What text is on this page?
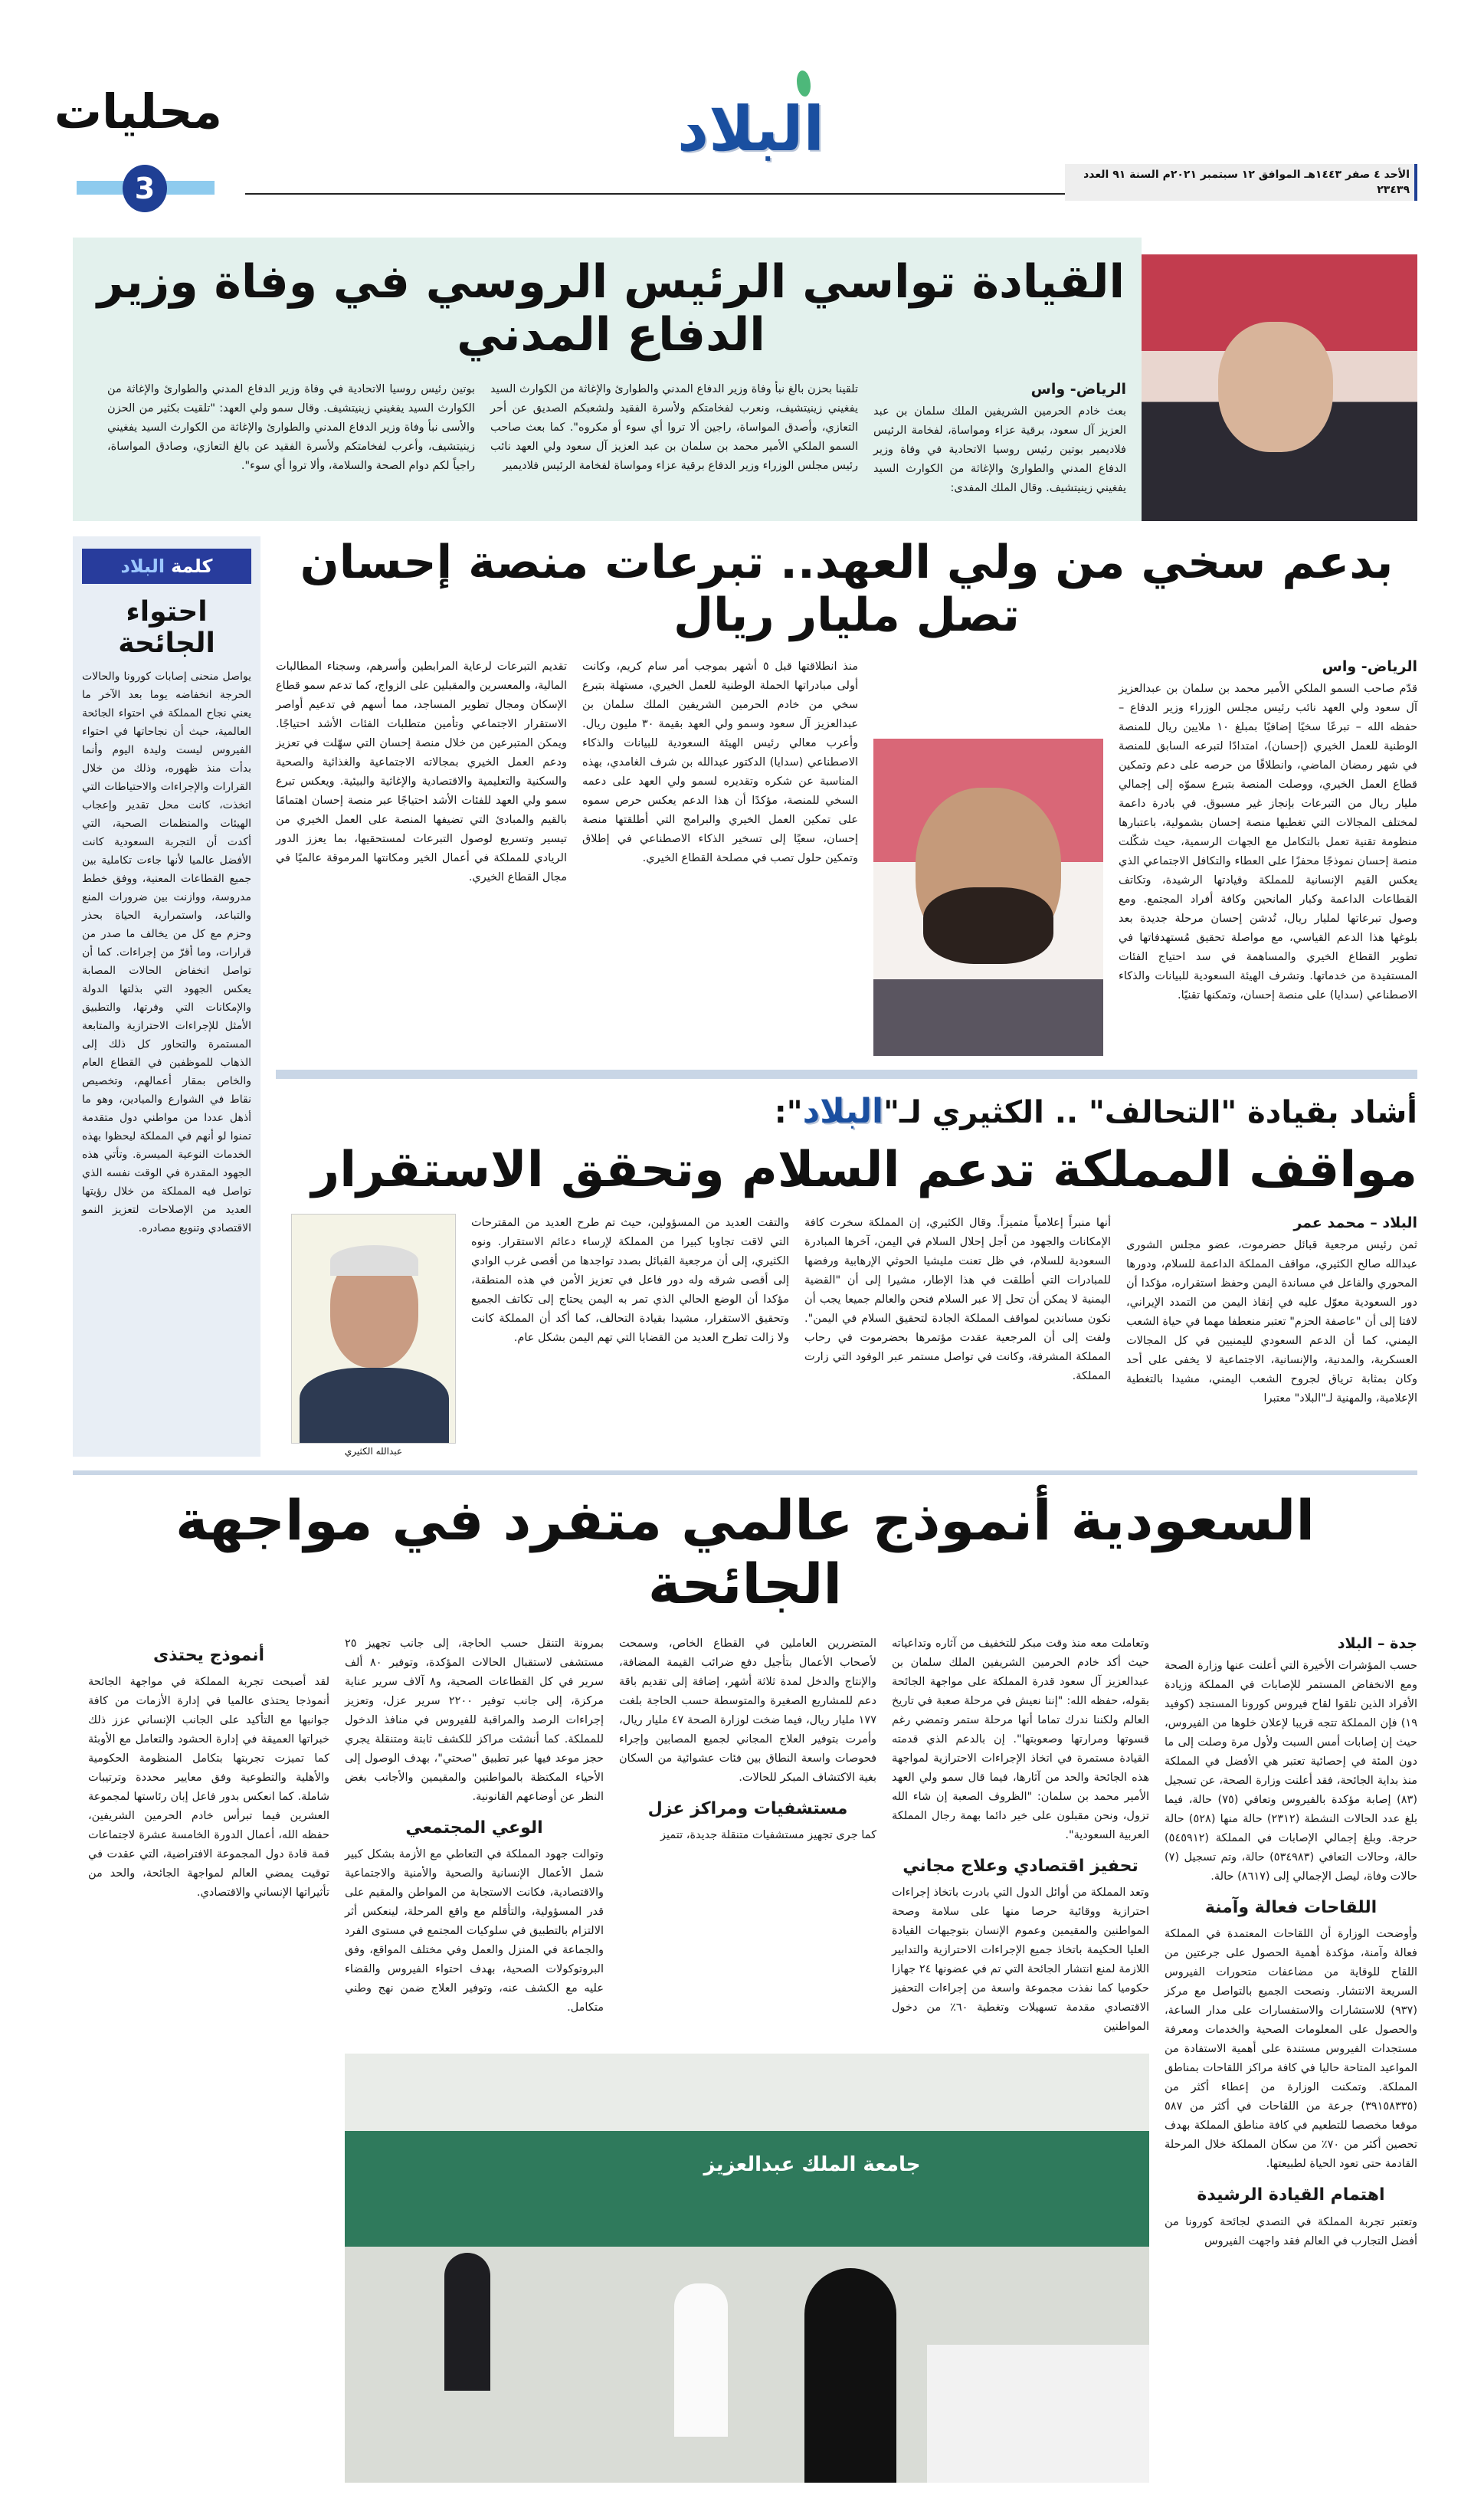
محليات
3
البلاد
الأحد ٤ صفر ١٤٤٣هـ الموافق ١٢ سبتمبر ٢٠٢١م السنة ٩١ العدد ٢٣٤٣٩
القيادة تواسي الرئيس الروسي في وفاة وزير الدفاع المدني
الرياض- واس

بعث خادم الحرمين الشريفين الملك سلمان بن عبد العزيز آل سعود، برقية عزاء ومواساة، لفخامة الرئيس فلاديمير بوتين رئيس روسيا الاتحادية في وفاة وزير الدفاع المدني والطوارئ والإغاثة من الكوارث السيد يفغيني زينيتشيف. وقال الملك المفدى:

تلقينا بحزن بالغ نبأ وفاة وزير الدفاع المدني والطوارئ والإغاثة من الكوارث السيد يفغيني زينيتشيف، ونعرب لفخامتكم ولأسرة الفقيد ولشعبكم الصديق عن أحر التعازي، وأصدق المواساة، راجين ألا تروا أي سوء أو مكروه". كما بعث صاحب السمو الملكي الأمير محمد بن سلمان بن عبد العزيز آل سعود ولي العهد نائب رئيس مجلس الوزراء وزير الدفاع برقية عزاء ومواساة لفخامة الرئيس فلاديمير

بوتين رئيس روسيا الاتحادية في وفاة وزير الدفاع المدني والطوارئ والإغاثة من الكوارث السيد يفغيني زينيتشيف. وقال سمو ولي العهد: "تلقيت بكثير من الحزن والأسى نبأ وفاة وزير الدفاع المدني والطوارئ والإغاثة من الكوارث السيد يفغيني زينيتشيف، وأعرب لفخامتكم ولأسرة الفقيد عن بالغ التعازي، وصادق المواساة، راجياً لكم دوام الصحة والسلامة، وألا تروا أي سوء".

بدعم سخي من ولي العهد.. تبرعات منصة إحسان تصل مليار ريال
الرياض- واس

قدّم صاحب السمو الملكي الأمير محمد بن سلمان بن عبدالعزيز آل سعود ولي العهد نائب رئيس مجلس الوزراء وزير الدفاع – حفظه الله – تبرعًا سخيًا إضافيًا بمبلغ ١٠ ملايين ريال للمنصة الوطنية للعمل الخيري (إحسان)، امتدادًا لتبرعه السابق للمنصة في شهر رمضان الماضي، وانطلاقًا من حرصه على دعم وتمكين قطاع العمل الخيري، ووصلت المنصة بتبرع سموّه إلى إجمالي مليار ريال من التبرعات بإنجاز غير مسبوق. في بادرة داعمة لمختلف المجالات التي تغطيها منصة إحسان بشمولية، باعتبارها منظومة تقنية تعمل بالتكامل مع الجهات الرسمية، حيث شكّلت منصة إحسان نموذجًا محفزًا على العطاء والتكافل الاجتماعي الذي يعكس القيم الإنسانية للمملكة وقيادتها الرشيدة، وتكاتف القطاعات الداعمة وكبار المانحين وكافة أفراد المجتمع. ومع وصول تبرعاتها لمليار ريال، تُدشن إحسان مرحلة جديدة بعد بلوغها هذا الدعم القياسي، مع مواصلة تحقيق مُستهدفاتها في تطوير القطاع الخيري والمساهمة في سد احتياج الفئات المستفيدة من خدماتها. وتشرف الهيئة السعودية للبيانات والذكاء الاصطناعي (سدايا) على منصة إحسان، وتمكنها تقنيًا.

منذ انطلاقتها قبل ٥ أشهر بموجب أمر سام كريم، وكانت أولى مبادراتها الحملة الوطنية للعمل الخيري، مستهلة بتبرع سخي من خادم الحرمين الشريفين الملك سلمان بن عبدالعزيز آل سعود وسمو ولي العهد بقيمة ٣٠ مليون ريال. وأعرب معالي رئيس الهيئة السعودية للبيانات والذكاء الاصطناعي (سدايا) الدكتور عبدالله بن شرف الغامدي، بهذه المناسبة عن شكره وتقديره لسمو ولي العهد على دعمه السخي للمنصة، مؤكدًا أن هذا الدعم يعكس حرص سموه على تمكين العمل الخيري والبرامج التي أطلقتها منصة إحسان، سعيًا إلى تسخير الذكاء الاصطناعي في إطلاق وتمكين حلول تصب في مصلحة القطاع الخيري.

تقديم التبرعات لرعاية المرابطين وأسرهم، وسجناء المطالبات المالية، والمعسرين والمقبلين على الزواج، كما تدعم سمو قطاع الإسكان ومجال تطوير المساجد، مما أسهم في تدعيم أواصر الاستقرار الاجتماعي وتأمين متطلبات الفئات الأشد احتياجًا. ويمكن المتبرعين من خلال منصة إحسان التي سهّلت في تعزيز ودعم العمل الخيري بمجالاته الاجتماعية والغذائية والصحية والسكنية والتعليمية والاقتصادية والإغاثية والبيئية. ويعكس تبرع سمو ولي العهد للفئات الأشد احتياجًا عبر منصة إحسان اهتمامًا بالقيم والمبادئ التي تضيفها المنصة على العمل الخيري من تيسير وتسريع لوصول التبرعات لمستحقيها، بما يعزز الدور الريادي للمملكة في أعمال الخير ومكانتها المرموقة عالميًا في مجال القطاع الخيري.

أشاد بقيادة "التحالف" .. الكثيري لـ"البلاد":
مواقف المملكة تدعم السلام وتحقق الاستقرار
البلاد – محمد عمر

ثمن رئيس مرجعية قبائل حضرموت، عضو مجلس الشورى عبدالله صالح الكثيري، مواقف المملكة الداعمة للسلام، ودورها المحوري والفاعل في مساندة اليمن وحفظ استقراره، مؤكدا أن دور السعودية معوّل عليه في إنقاذ اليمن من التمدد الإيراني، لافتا إلى أن "عاصفة الحزم" تعتبر منعطفا مهما في حياة الشعب اليمني، كما أن الدعم السعودي لليمنيين في كل المجالات العسكرية، والمدنية، والإنسانية، الاجتماعية لا يخفى على أحد وكان بمثابة ترياق لجروح الشعب اليمني، مشيدا بالتغطية الإعلامية، والمهنية لـ"البلاد" معتبرا

أنها منبراً إعلامياً متميزاً. وقال الكثيري، إن المملكة سخرت كافة الإمكانات والجهود من أجل إحلال السلام في اليمن، آخرها المبادرة السعودية للسلام، في ظل تعنت مليشيا الحوثي الإرهابية ورفضها للمبادرات التي أطلقت في هذا الإطار، مشيرا إلى أن "القضية اليمنية لا يمكن أن تحل إلا عبر السلام فنحن والعالم جميعا يجب أن نكون مساندين لمواقف المملكة الجادة لتحقيق السلام في اليمن". ولفت إلى أن المرجعية عقدت مؤتمرها بحضرموت في رحاب المملكة المشرفة، وكانت في تواصل مستمر عبر الوفود التي زارت المملكة.

والتقت العديد من المسؤولين، حيث تم طرح العديد من المقترحات التي لاقت تجاوبا كبيرا من المملكة لإرساء دعائم الاستقرار. ونوه الكثيري، إلى أن مرجعية القبائل بصدد تواجدها من أقصى غرب الوادي إلى أقصى شرقه وله دور فاعل في تعزيز الأمن في هذه المنطقة، مؤكدا أن الوضع الحالي الذي تمر به اليمن يحتاج إلى تكاتف الجميع وتحقيق الاستقرار، مشيدا بقيادة التحالف، كما أكد أن المملكة كانت ولا زالت تطرح العديد من القضايا التي تهم اليمن بشكل عام.

عبدالله الكثيري
كلمة
البلاد
احتواء الجائحة
يواصل منحنى إصابات كورونا والحالات الحرجة انخفاضه يوما بعد الآخر ما يعني نجاح المملكة في احتواء الجائحة العالمية، حيث أن نجاحاتها في احتواء الفيروس ليست وليدة اليوم وأنما بدأت منذ ظهوره، وذلك من خلال القرارات والإجراءات والاحتياطات التي اتخذت، كانت محل تقدير وإعجاب الهيئات والمنظمات الصحية، التي أكدت أن التجربة السعودية كانت الأفضل عالميا لأنها جاءت تكاملية بين جميع القطاعات المعنية، ووفق خطط مدروسة، ووازنت بين ضرورات المنع والتباعد، واستمرارية الحياة بحذر وحزم مع كل من يخالف ما صدر من قرارات، وما أقرّ من إجراءات. كما أن تواصل انخفاض الحالات المصابة يعكس الجهود التي بذلتها الدولة والإمكانات التي وفرتها، والتطبيق الأمثل للإجراءات الاحترازية والمتابعة المستمرة والتحاور كل ذلك إلى الذهاب للموظفين في القطاع العام والخاص بمقار أعمالهم، وتخصيص نقاط في الشوارع والميادين، وهو ما أذهل عددا من مواطني دول متقدمة تمنوا لو أنهم في المملكة ليحظوا بهذه الخدمات النوعية الميسرة. وتأتي هذه الجهود المقدرة في الوقت نفسه الذي تواصل فيه المملكة من خلال رؤيتها العديد من الإصلاحات لتعزيز النمو الاقتصادي وتنويع مصادره.
السعودية أنموذج عالمي متفرد في مواجهة الجائحة
جدة – البلاد

حسب المؤشرات الأخيرة التي أعلنت عنها وزارة الصحة ومع الانخفاض المستمر للإصابات في المملكة وزيادة الأفراد الذين تلقوا لقاح فيروس كورونا المستجد (كوفيد ١٩) فإن المملكة تتجه قريبا لإعلان خلوها من الفيروس، حيث إن إصابات أمس السبت ولأول مرة وصلت إلى ما دون المئة في إحصائية تعتبر هي الأفضل في المملكة منذ بداية الجائحة، فقد أعلنت وزارة الصحة، عن تسجيل (٨٣) إصابة مؤكدة بالفيروس وتعافي (٧٥) حالة، فيما بلغ عدد الحالات النشطة (٢٣١٢) حالة منها (٥٢٨) حالة حرجة. وبلغ إجمالي الإصابات في المملكة (٥٤٥٩١٢) حالة، وحالات التعافي (٥٣٤٩٨٣) حالة، وتم تسجيل (٧) حالات وفاة، ليصل الإجمالي إلى (٨٦١٧) حالة.

اللقاحات فعالة وآمنة

وأوضحت الوزارة أن اللقاحات المعتمدة في المملكة فعالة وآمنة، مؤكدة أهمية الحصول على جرعتين من اللقاح للوقاية من مضاعفات متحورات الفيروس السريعة الانتشار. ونصحت الجميع بالتواصل مع مركز (٩٣٧) للاستشارات والاستفسارات على مدار الساعة، والحصول على المعلومات الصحية والخدمات ومعرفة مستجدات الفيروس مستندة على أهمية الاستفادة من المواعيد المتاحة حاليا في كافة مراكز اللقاحات بمناطق المملكة. وتمكنت الوزارة من إعطاء أكثر من (٣٩١٥٨٣٣٥) جرعة من اللقاحات في أكثر من ٥٨٧ موقعا مخصصا للتطعيم في كافة مناطق المملكة بهدف تحصين أكثر من ٧٠٪ من سكان المملكة خلال المرحلة القادمة حتى تعود الحياة لطبيعتها.

اهتمام القيادة الرشيدة

وتعتبر تجربة المملكة في التصدي لجائحة كورونا من أفضل التجارب في العالم فقد واجهت الفيروس

وتعاملت معه منذ وقت مبكر للتخفيف من آثاره وتداعياته حيث أكد خادم الحرمين الشريفين الملك سلمان بن عبدالعزيز آل سعود قدرة المملكة على مواجهة الجائحة بقوله، حفظه الله: "إننا نعيش في مرحلة صعبة في تاريخ العالم ولكننا ندرك تماما أنها مرحلة ستمر وتمضي رغم قسوتها ومرارتها وصعوبتها". إن بالدعم الذي قدمته القيادة مستمرة في اتخاذ الإجراءات الاحترازية لمواجهة هذه الجائحة والحد من آثارها، فيما قال سمو ولي العهد الأمير محمد بن سلمان: "الظروف الصعبة إن شاء الله تزول، ونحن مقبلون على خير دائما بهمة رجال المملكة العربية السعودية".

تحفيز اقتصادي وعلاج مجاني

وتعد المملكة من أوائل الدول التي بادرت باتخاذ إجراءات احترازية ووقائية حرصا منها على سلامة وصحة المواطنين والمقيمين وعموم الإنسان بتوجيهات القيادة العليا الحكيمة باتخاذ جميع الإجراءات الاحترازية والتدابير اللازمة لمنع انتشار الجائحة التي تم في عضونها ٢٤ جهازا حكوميا كما نفذت مجموعة واسعة من إجراءات التحفيز الاقتصادي مقدمة تسهيلات وتغطية ٦٠٪ من دخول المواطنين

المتضررين العاملين في القطاع الخاص، وسمحت لأصحاب الأعمال بتأجيل دفع ضرائب القيمة المضافة، والإنتاج والدخل لمدة ثلاثة أشهر، إضافة إلى تقديم باقة دعم للمشاريع الصغيرة والمتوسطة حسب الحاجة بلغت ١٧٧ مليار ريال، فيما ضخت لوزارة الصحة ٤٧ مليار ريال، وأمرت بتوفير العلاج المجاني لجميع المصابين وإجراء فحوصات واسعة النطاق بين فئات عشوائية من السكان بغية الاكتشاف المبكر للحالات.

مستشفيات ومراكز عزل

كما جرى تجهيز مستشفيات متنقلة جديدة، تتميز

بمرونة التنقل حسب الحاجة، إلى جانب تجهيز ٢٥ مستشفى لاستقبال الحالات المؤكدة، وتوفير ٨٠ ألف سرير في كل القطاعات الصحية، و٨ آلاف سرير عناية مركزة، إلى جانب توفير ٢٢٠٠ سرير عزل، وتعزيز إجراءات الرصد والمراقبة للفيروس في منافذ الدخول للمملكة. كما أنشئت مراكز للكشف ثابتة ومتنقلة يجري حجز موعد فيها عبر تطبيق "صحتي"، بهدف الوصول إلى الأحياء المكتظة بالمواطنين والمقيمين والأجانب بغض النظر عن أوضاعهم القانونية.

الوعي المجتمعي

وتوالت جهود المملكة في التعاطي مع الأزمة بشكل كبير شمل الأعمال الإنسانية والصحية والأمنية والاجتماعية والاقتصادية، فكانت الاستجابة من المواطن والمقيم على قدر المسؤولية، والتأقلم مع واقع المرحلة، لينعكس أثر الالتزام بالتطبيق في سلوكيات المجتمع في مستوى الفرد والجماعة في المنزل والعمل وفي مختلف المواقع، وفق البروتوكولات الصحية، بهدف احتواء الفيروس والقضاء عليه مع الكشف عنه، وتوفير العلاج ضمن نهج وطني متكامل.

جامعة الملك عبدالعزيز
أنموذج يحتذى

لقد أصبحت تجربة المملكة في مواجهة الجائحة أنموذجا يحتذى عالميا في إدارة الأزمات من كافة جوانبها مع التأكيد على الجانب الإنساني عزز ذلك خبراتها العميقة في إدارة الحشود والتعامل مع الأوبئة كما تميزت تجربتها بتكامل المنظومة الحكومية والأهلية والتطوعية وفق معايير محددة وترتيبات شاملة. كما انعكس بدور فاعل إبان رئاستها لمجموعة العشرين فيما تبرأس خادم الحرمين الشريفين، حفظه الله، أعمال الدورة الخامسة عشرة لاجتماعات قمة قادة دول المجموعة الافتراضية، التي عقدت في توقيت يمضي العالم لمواجهة الجائحة، والحد من تأثيراتها الإنساني والاقتصادي.
